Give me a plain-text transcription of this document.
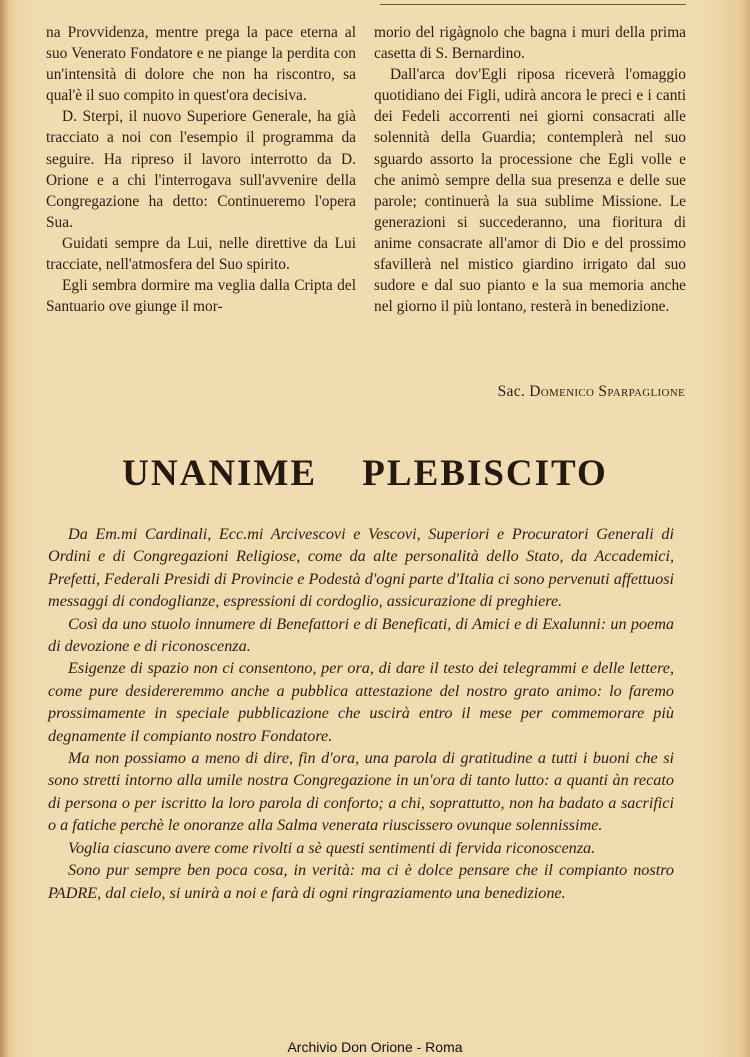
na Provvidenza, mentre prega la pace eterna al suo Venerato Fondatore e ne piange la perdita con un'intensità di dolore che non ha riscontro, sa qual'è il suo compito in quest'ora decisiva.

D. Sterpi, il nuovo Superiore Generale, ha già tracciato a noi con l'esempio il programma da seguire. Ha ripreso il lavoro interrotto da D. Orione e a chi l'interrogava sull'avvenire della Congregazione ha detto: Continueremo l'opera Sua.

Guidati sempre da Lui, nelle direttive da Lui tracciate, nell'atmosfera del Suo spirito.

Egli sembra dormire ma veglia dalla Cripta del Santuario ove giunge il mor-

morio del rigàgnolo che bagna i muri della prima casetta di S. Bernardino.

Dall'arca dov'Egli riposa riceverà l'omaggio quotidiano dei Figli, udirà ancora le preci e i canti dei Fedeli accorrenti nei giorni consacrati alle solennità della Guardia; contemplerà nel suo sguardo assorto la processione che Egli volle e che animò sempre della sua presenza e delle sue parole; continuerà la sua sublime Missione. Le generazioni si succederanno, una fioritura di anime consacrate all'amor di Dio e del prossimo sfavillerà nel mistico giardino irrigato dal suo sudore e dal suo pianto e la sua memoria anche nel giorno il più lontano, resterà in benedizione.

Sac. Domenico Sparpaglione
UNANIME PLEBISCITO

Da Em.mi Cardinali, Ecc.mi Arcivescovi e Vescovi, Superiori e Procuratori Generali di Ordini e di Congregazioni Religiose, come da alte personalità dello Stato, da Accademici, Prefetti, Federali Presidi di Provincie e Podestà d'ogni parte d'Italia ci sono pervenuti affettuosi messaggi di condoglianze, espressioni di cordoglio, assicurazione di preghiere.

Così da uno stuolo innumere di Benefattori e di Beneficati, di Amici e di Exalunni: un poema di devozione e di riconoscenza.

Esigenze di spazio non ci consentono, per ora, di dare il testo dei telegrammi e delle lettere, come pure desidereremmo anche a pubblica attestazione del nostro grato animo: lo faremo prossimamente in speciale pubblicazione che uscirà entro il mese per commemorare più degnamente il compianto nostro Fondatore.

Ma non possiamo a meno di dire, fin d'ora, una parola di gratitudine a tutti i buoni che si sono stretti intorno alla umile nostra Congregazione in un'ora di tanto lutto: a quanti àn recato di persona o per iscritto la loro parola di conforto; a chi, soprattutto, non ha badato a sacrifici o a fatiche perchè le onoranze alla Salma venerata riuscissero ovunque solennissime.

Voglia ciascuno avere come rivolti a sè questi sentimenti di fervida riconoscenza.

Sono pur sempre ben poca cosa, in verità: ma ci è dolce pensare che il compianto nostro PADRE, dal cielo, si unirà a noi e farà di ogni ringraziamento una benedizione.

Archivio Don Orione - Roma
